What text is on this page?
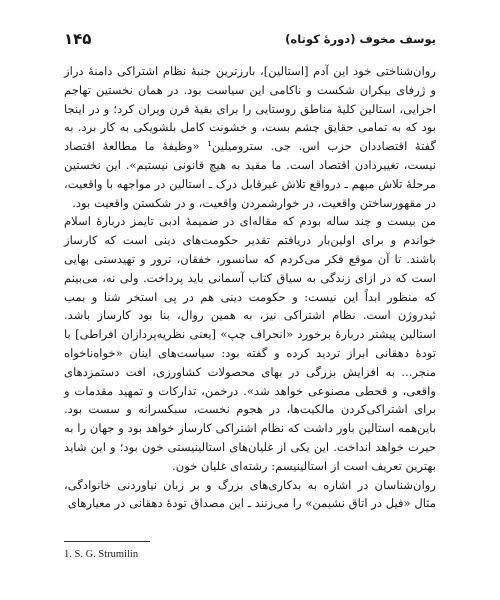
۱۴۵	یوسف مخوف (دورهٔ کوتاه)

روان‌شناختی خود این آدم [استالین]، بارزترین جنبهٔ نظام اشتراکی دامنهٔ دراز و ژرفای بیکران شکست و ناکامی این سیاست بود. در همان نخستین تهاجم اجرایی، استالین کلیهٔ مناطق روستایی را برای بقیهٔ قرن ویران کرد؛ و در اینجا بود که به تمامی حقایق چشم بست، و خشونت کامل بلشویکی به کار برد. به گفتهٔ اقتصاددان حزب اس. جی. سترومیلین¹ «وظیفهٔ ما مطالعهٔ اقتصاد نیست، تغییردادن اقتصاد است. ما مقید به هیچ قانونی نیستیم». این نخستین مرحلهٔ تلاش مبهم ـ درواقع تلاش غیرقابل درک ـ استالین در مواجهه با واقعیت، در مقهورساختن واقعیت، در خوارشمردن واقعیت، و در شکستن واقعیت بود.

من بیست و چند ساله بودم که مقاله‌ای در ضمیمهٔ ادبی تایمز دربارهٔ اسلام خواندم و برای اولین‌بار دریافتم تقدیر حکومت‌های دینی است که کارساز باشند. تا آن موقع فکر می‌کردم که سانسور، خفقان، ترور و تهیدستی بهایی است که در ازای زندگی به سیاق کتاب آسمانی باید پرداخت. ولی نه، می‌بینم که منظور ابداً این نیست: و حکومت دینی هم در پی استخر شنا و بمب ئیدروژن است. نظام اشتراکی نیز، به همین روال، بنا بود کارساز باشد. استالین پیشتر دربارهٔ برخورد «انحراف چپ» [یعنی نظریه‌پردازان افراطی] با تودهٔ دهقانی ابراز تردید کرده و گفته بود: سیاست‌های اینان «خواه‌ناخواه منجر... به افزایش بزرگی در بهای محصولات کشاورزی، افت دستمزدهای واقعی، و قحطی مصنوعی خواهد شد». درخمن، تدارکات و تمهید مقدمات و برای اشتراکی‌کردن مالکیت‌ها، در هجوم نخست، سبکسرانه و سست بود. باین‌همه استالین باور داشت که نظام اشتراکی کارساز خواهد بود و جهان را به حیرت خواهد انداخت. این یکی از غلیان‌های استالینیستی خون بود؛ و این شاید بهترین تعریف است از استالینیسم: رشته‌ای غلیان خون.

روان‌شناسان در اشاره به بدکاری‌های بزرگ و بر زبان نیاوردنی خانوادگی، مثال «فیل در اتاق نشیمن» را می‌زنند ـ این مصداق تودهٔ دهقانی در معیارهای

1. S. G. Strumilin
